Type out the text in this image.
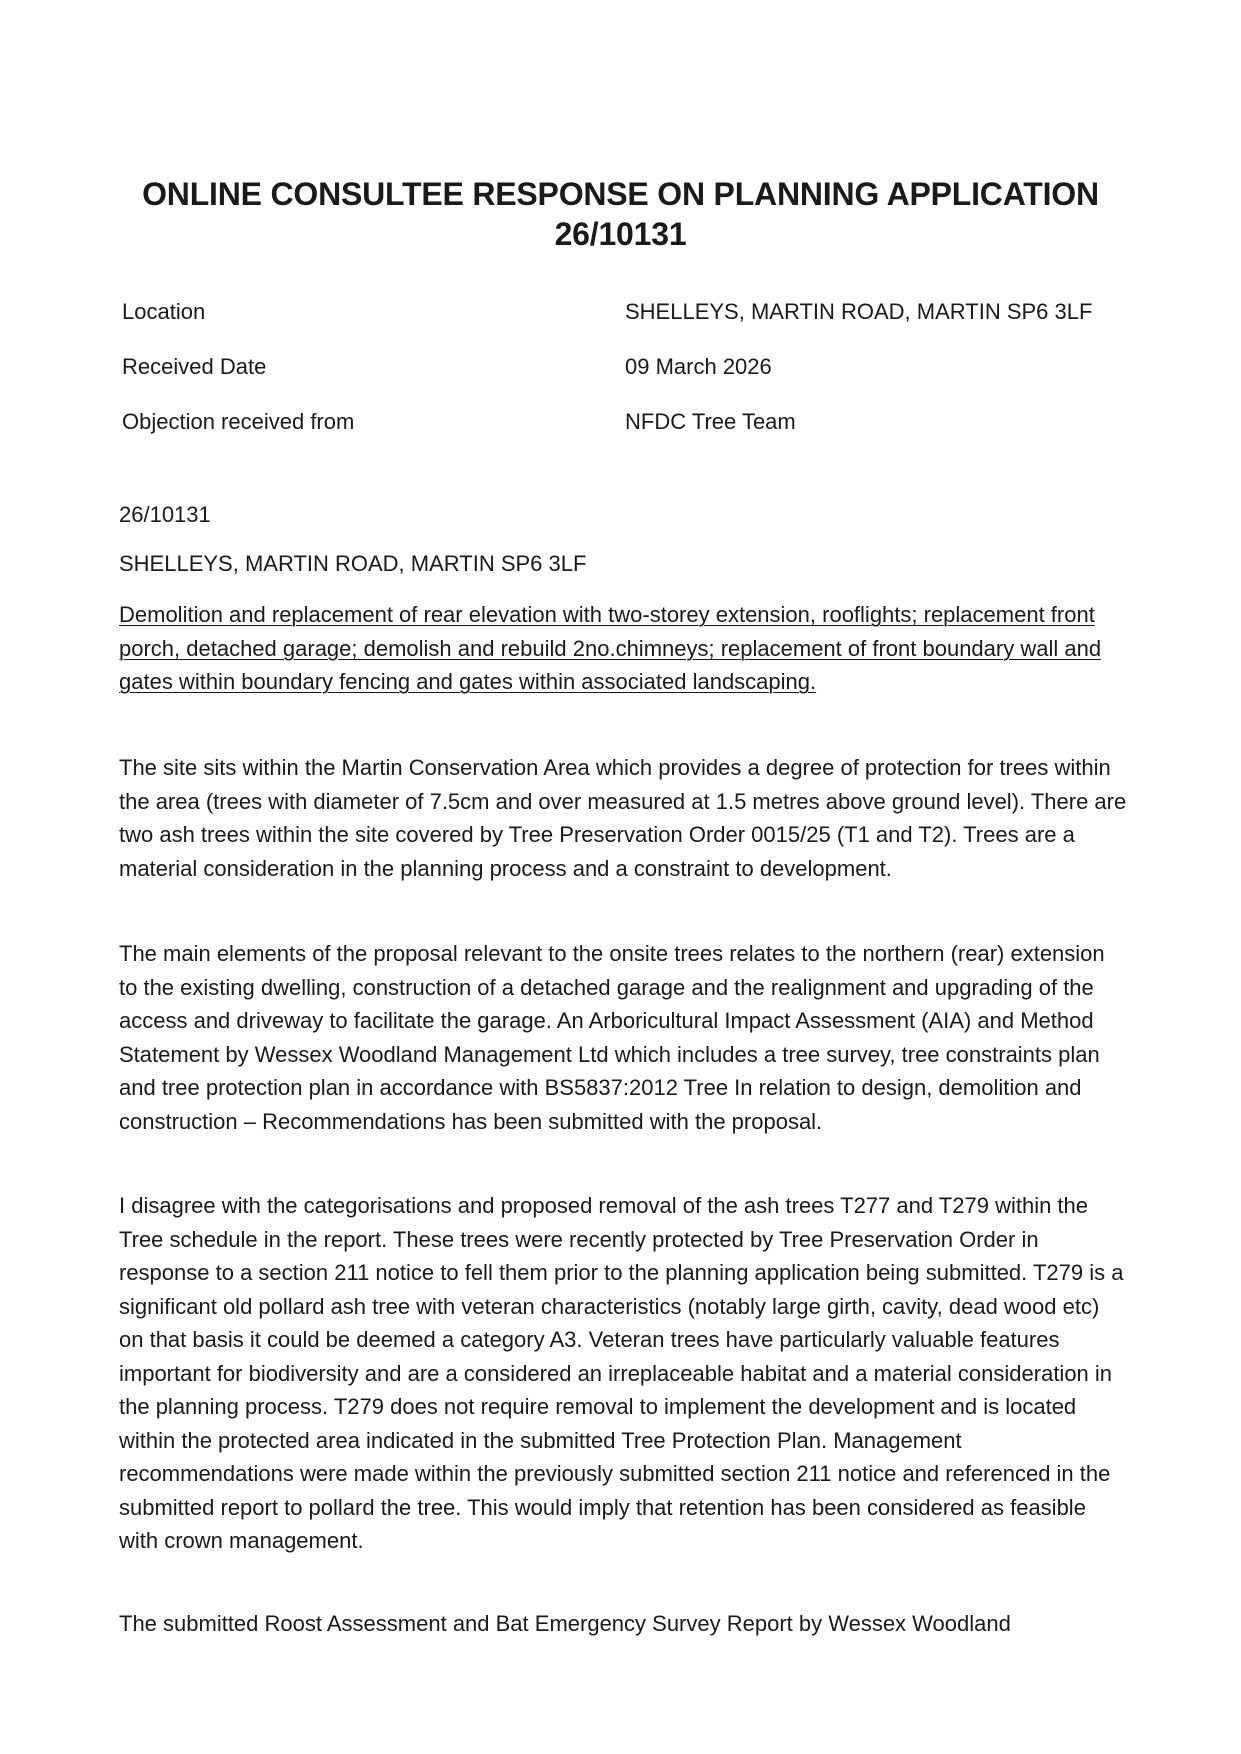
ONLINE CONSULTEE RESPONSE ON PLANNING APPLICATION 26/10131
Location	SHELLEYS, MARTIN ROAD, MARTIN SP6 3LF
Received Date	09 March 2026
Objection received from	NFDC Tree Team

26/10131

SHELLEYS, MARTIN ROAD, MARTIN SP6 3LF

Demolition and replacement of rear elevation with two-storey extension, rooflights; replacement front porch, detached garage; demolish and rebuild 2no.chimneys; replacement of front boundary wall and gates within boundary fencing and gates within associated landscaping.

The site sits within the Martin Conservation Area which provides a degree of protection for trees within the area (trees with diameter of 7.5cm and over measured at 1.5 metres above ground level). There are two ash trees within the site covered by Tree Preservation Order 0015/25 (T1 and T2). Trees are a material consideration in the planning process and a constraint to development.

The main elements of the proposal relevant to the onsite trees relates to the northern (rear) extension to the existing dwelling, construction of a detached garage and the realignment and upgrading of the access and driveway to facilitate the garage. An Arboricultural Impact Assessment (AIA) and Method Statement by Wessex Woodland Management Ltd which includes a tree survey, tree constraints plan and tree protection plan in accordance with BS5837:2012 Tree In relation to design, demolition and construction – Recommendations has been submitted with the proposal.

I disagree with the categorisations and proposed removal of the ash trees T277 and T279 within the Tree schedule in the report. These trees were recently protected by Tree Preservation Order in response to a section 211 notice to fell them prior to the planning application being submitted. T279 is a significant old pollard ash tree with veteran characteristics (notably large girth, cavity, dead wood etc) on that basis it could be deemed a category A3. Veteran trees have particularly valuable features important for biodiversity and are a considered an irreplaceable habitat and a material consideration in the planning process. T279 does not require removal to implement the development and is located within the protected area indicated in the submitted Tree Protection Plan. Management recommendations were made within the previously submitted section 211 notice and referenced in the submitted report to pollard the tree. This would imply that retention has been considered as feasible with crown management.

The submitted Roost Assessment and Bat Emergency Survey Report by Wessex Woodland
